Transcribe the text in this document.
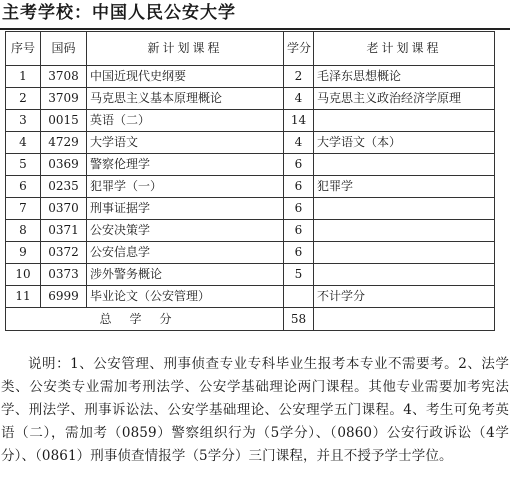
主考学校：中国人民公安大学
序号	国码	新计划课程	学分	老计划课程
1	3708	中国近现代史纲要	2	毛泽东思想概论
2	3709	马克思主义基本原理概论	4	马克思主义政治经济学原理
3	0015	英语（二）	14	
4	4729	大学语文	4	大学语文（本）
5	0369	警察伦理学	6	
6	0235	犯罪学（一）	6	犯罪学
7	0370	刑事证据学	6	
8	0371	公安决策学	6	
9	0372	公安信息学	6	
10	0373	涉外警务概论	5	
11	6999	毕业论文（公安管理）		不计学分
总学分			58	
说明：1、公安管理、刑事侦查专业专科毕业生报考本专业不需要考。2、法学类、公安类专业需加考刑法学、公安学基础理论两门课程。其他专业需要加考宪法学、刑法学、刑事诉讼法、公安学基础理论、公安理学五门课程。4、考生可免考英语（二），需加考（0859）警察组织行为（5学分）、（0860）公安行政诉讼（4学分）、（0861）刑事侦查情报学（5学分）三门课程，并且不授予学士学位。
